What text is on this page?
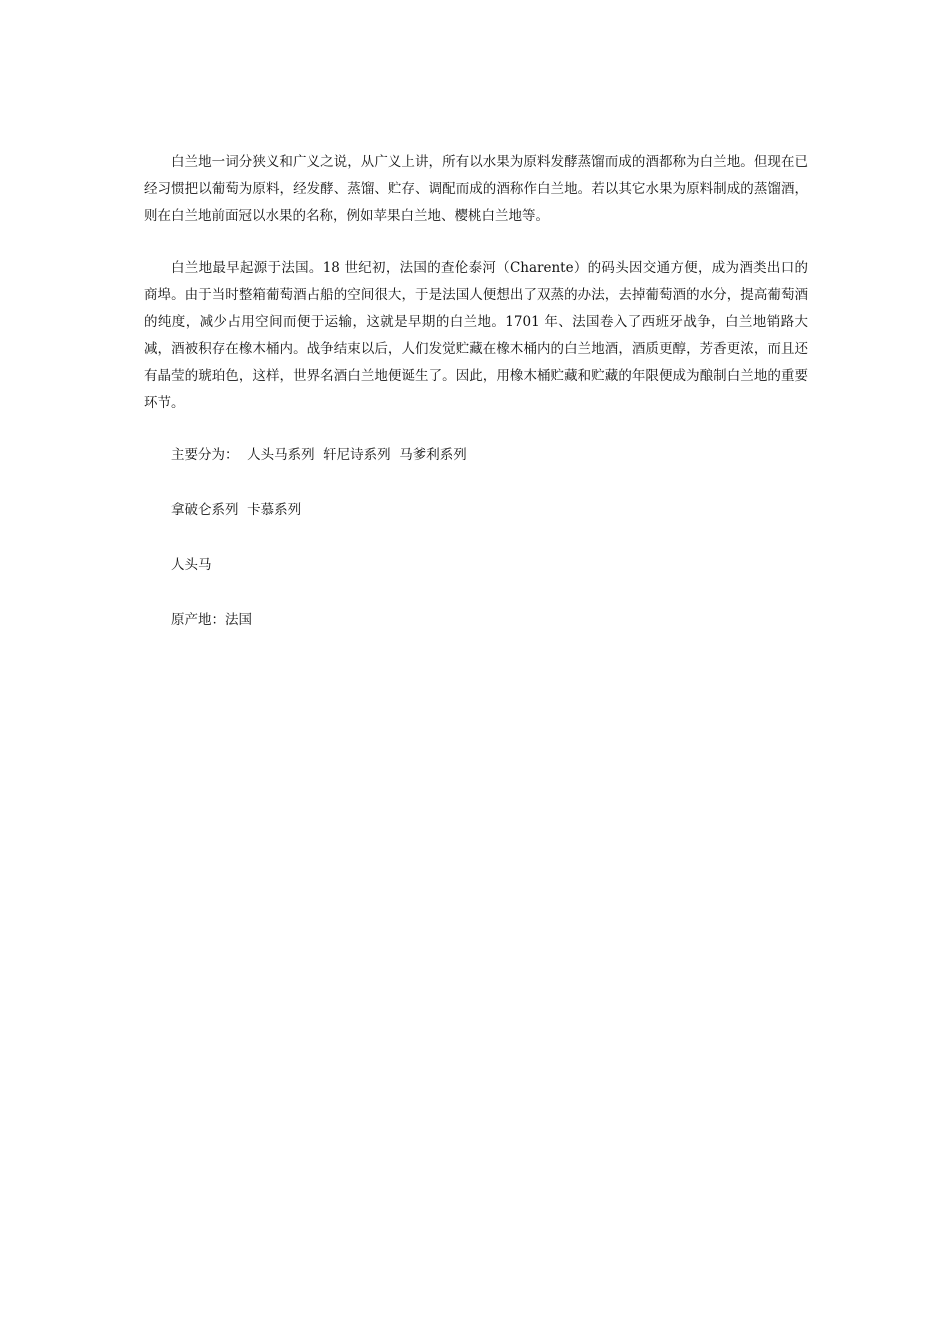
白兰地一词分狭义和广义之说，从广义上讲，所有以水果为原料发酵蒸馏而成的酒都称为白兰地。但现在已经习惯把以葡萄为原料，经发酵、蒸馏、贮存、调配而成的酒称作白兰地。若以其它水果为原料制成的蒸馏酒，则在白兰地前面冠以水果的名称，例如苹果白兰地、樱桃白兰地等。

白兰地最早起源于法国。18 世纪初，法国的查伦泰河（Charente）的码头因交通方便，成为酒类出口的商埠。由于当时整箱葡萄酒占船的空间很大，于是法国人便想出了双蒸的办法，去掉葡萄酒的水分，提高葡萄酒的纯度，减少占用空间而便于运输，这就是早期的白兰地。1701 年、法国卷入了西班牙战争，白兰地销路大减，酒被积存在橡木桶内。战争结束以后，人们发觉贮藏在橡木桶内的白兰地酒，酒质更醇，芳香更浓，而且还有晶莹的琥珀色，这样，世界名酒白兰地便诞生了。因此，用橡木桶贮藏和贮藏的年限便成为酿制白兰地的重要环节。

主要分为：  人头马系列  轩尼诗系列  马爹利系列

拿破仑系列  卡慕系列

人头马

原产地：法国
